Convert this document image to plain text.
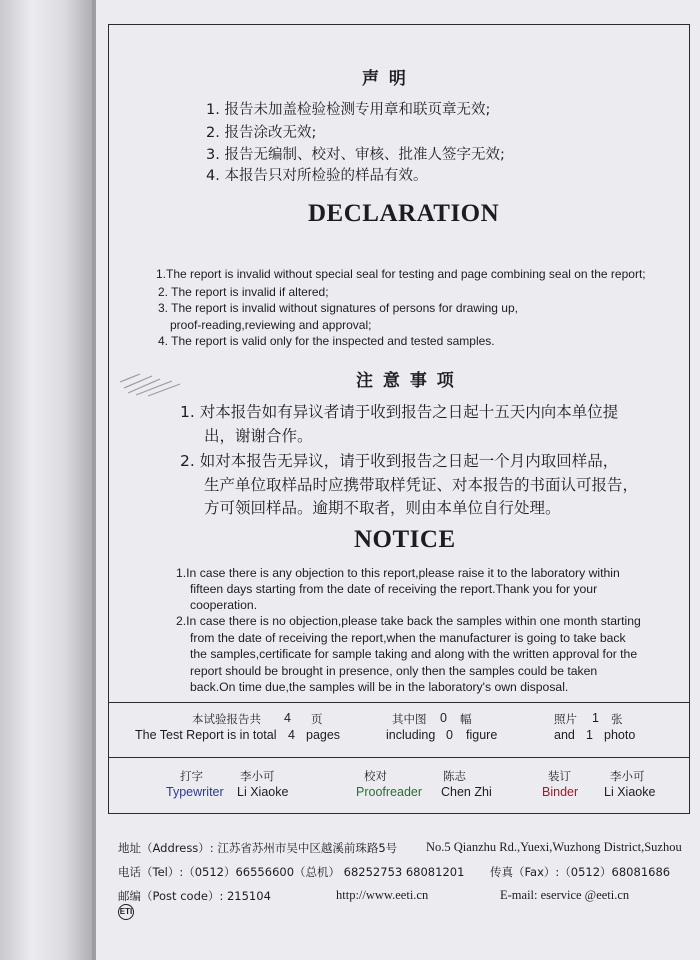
声 明
1. 报告未加盖检验检测专用章和联页章无效;
2. 报告涂改无效;
3. 报告无编制、校对、审核、批准人签字无效;
4. 本报告只对所检验的样品有效。
DECLARATION
1.The report is invalid without special seal for testing and page combining seal on the report;
2. The report is invalid if altered;
3. The report is invalid without signatures of persons for drawing up,
proof-reading,reviewing and approval;
4. The report is valid only for the inspected and tested samples.
注 意 事 项
1. 对本报告如有异议者请于收到报告之日起十五天内向本单位提
出，谢谢合作。
2. 如对本报告无异议，请于收到报告之日起一个月内取回样品，
生产单位取样品时应携带取样凭证、对本报告的书面认可报告，
方可领回样品。逾期不取者，则由本单位自行处理。
NOTICE
1.In case there is any objection to this report,please raise it to the laboratory within
fifteen days starting from the date of receiving the report.Thank you for your
cooperation.
2.In case there is no objection,please take back the samples within one month starting
from the date of receiving the report,when the manufacturer is going to take back
the samples,certificate for sample taking and along with the written approval for the
report should be brought in presence, only then the samples could be taken
back.On time due,the samples will be in the laboratory's own disposal.
本试验报告共 4 页
The Test Report is in total 4 pages
其中图 0 幅
including 0 figure
照片 1 张
and 1 photo
打字
Typewriter
李小可
Li Xiaoke
校对
Proofreader
陈志
Chen Zhi
装订
Binder
李小可
Li Xiaoke
地址（Address）: 江苏省苏州市吴中区越溪前珠路5号 No.5 Qianzhu Rd.,Yuexi,Wuzhong District,Suzhou
电话（Tel）:（0512）66556600（总机） 68252753 68081201 传真（Fax）:（0512）68081686
邮编（Post code）: 215104	http://www.eeti.cn	E-mail: eservice @eeti.cn
ETI
